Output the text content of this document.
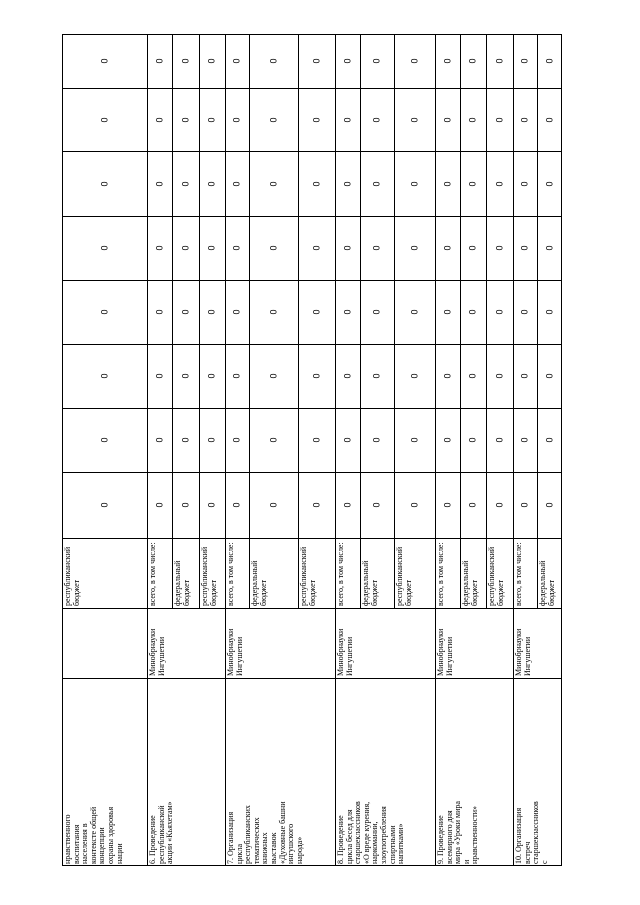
нравственного
воспитания
населения в
контексте общей
концепции
охраны здоровья
нации
республиканский
бюджет
0
0
0
0
0
0
0
0
6. Проведение
республиканской
акции «Кьяхетам»
Минобрнауки
Ингушетии
всего, в том числе:
0
0
0
0
0
0
0
0
федеральный
бюджет
0
0
0
0
0
0
0
0
республиканский
бюджет
0
0
0
0
0
0
0
0
7. Организация
цикла
республиканских
тематических
книжных
выставок
«Духовные башни
ингушского
народа»
Минобрнауки
Ингушетии
всего, в том числе:
0
0
0
0
0
0
0
0
федеральный
бюджет
0
0
0
0
0
0
0
0
республиканский
бюджет
0
0
0
0
0
0
0
0
8. Проведение
цикла бесед для
старшеклассников
«О вреде курения,
наркомании,
злоупотребления
спиртными
напитками»
Минобрнауки
Ингушетии
всего, в том числе:
0
0
0
0
0
0
0
0
федеральный
бюджет
0
0
0
0
0
0
0
0
республиканский
бюджет
0
0
0
0
0
0
0
0
9. Проведение
всемирного дня
мира «Уроки мира
и
нравственности»
Минобрнауки
Ингушетии
всего, в том числе:
0
0
0
0
0
0
0
0
федеральный
бюджет
0
0
0
0
0
0
0
0
республиканский
бюджет
0
0
0
0
0
0
0
0
10. Организация
встреч
старшеклассников
с
Минобрнауки
Ингушетии
всего, в том числе:
0
0
0
0
0
0
0
0
федеральный
бюджет
0
0
0
0
0
0
0
0
